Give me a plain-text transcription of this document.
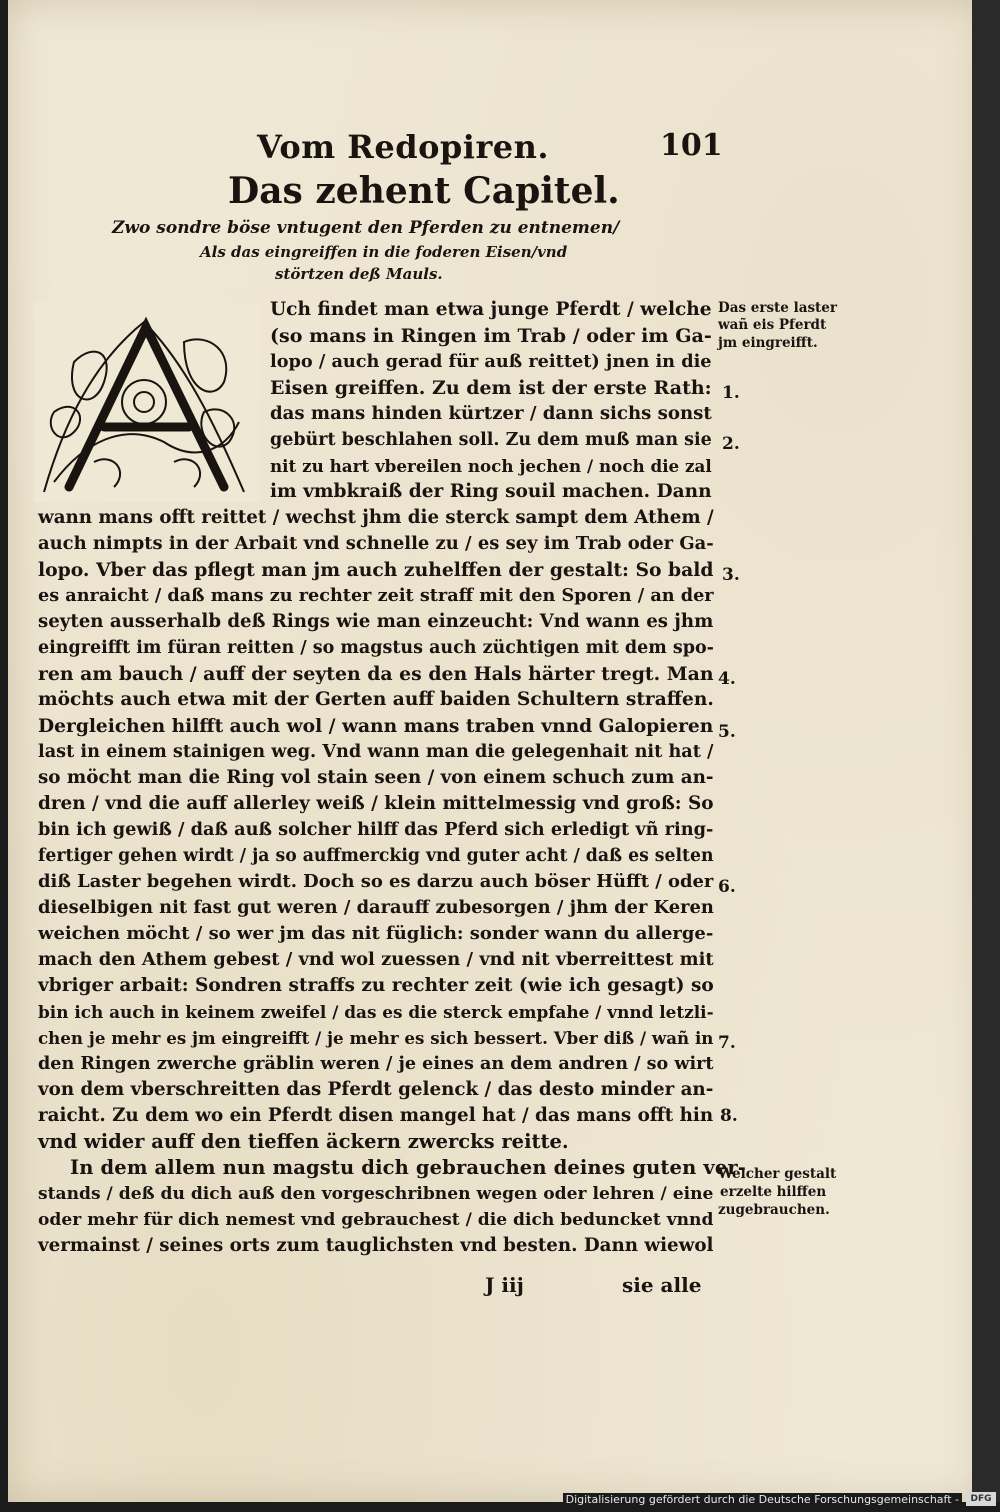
Vom Redopiren.	101
Das zehent Capitel.
Zwo sondre böse vntugent den Pferden zu entnemen/
Als das eingreiffen in die foderen Eisen/vnd
störtzen deß Mauls.
Uch findet man etwa junge Pferdt / welche
(so mans in Ringen im Trab / oder im Ga-
lopo / auch gerad für auß reittet) jnen in die
Eisen greiffen. Zu dem ist der erste Rath:
das mans hinden kürtzer / dann sichs sonst
gebürt beschlahen soll. Zu dem muß man sie
nit zu hart vbereilen noch jechen / noch die zal
im vmbkraiß der Ring souil machen. Dann
wann mans offt reittet / wechst jhm die sterck sampt dem Athem /
auch nimpts in der Arbait vnd schnelle zu / es sey im Trab oder Ga-
lopo. Vber das pflegt man jm auch zuhelffen der gestalt: So bald
es anraicht / daß mans zu rechter zeit straff mit den Sporen / an der
seyten ausserhalb deß Rings wie man einzeucht: Vnd wann es jhm
eingreifft im füran reitten / so magstus auch züchtigen mit dem spo-
ren am bauch / auff der seyten da es den Hals härter tregt. Man
möchts auch etwa mit der Gerten auff baiden Schultern straffen.
Dergleichen hilfft auch wol / wann mans traben vnnd Galopieren
last in einem stainigen weg. Vnd wann man die gelegenhait nit hat /
so möcht man die Ring vol stain seen / von einem schuch zum an-
dren / vnd die auff allerley weiß / klein mittelmessig vnd groß: So
bin ich gewiß / daß auß solcher hilff das Pferd sich erledigt vñ ring-
fertiger gehen wirdt / ja so auffmerckig vnd guter acht / daß es selten
diß Laster begehen wirdt. Doch so es darzu auch böser Hüfft / oder
dieselbigen nit fast gut weren / darauff zubesorgen / jhm der Keren
weichen möcht / so wer jm das nit füglich: sonder wann du allerge-
mach den Athem gebest / vnd wol zuessen / vnd nit vberreittest mit
vbriger arbait: Sondren straffs zu rechter zeit (wie ich gesagt) so
bin ich auch in keinem zweifel / das es die sterck empfahe / vnnd letzli-
chen je mehr es jm eingreifft / je mehr es sich bessert. Vber diß / wañ in
den Ringen zwerche gräblin weren / je eines an dem andren / so wirt
von dem vberschreitten das Pferdt gelenck / das desto minder an-
raicht. Zu dem wo ein Pferdt disen mangel hat / das mans offt hin
vnd wider auff den tieffen äckern zwercks reitte.
In dem allem nun magstu dich gebrauchen deines guten ver-
stands / deß du dich auß den vorgeschribnen wegen oder lehren / eine
oder mehr für dich nemest vnd gebrauchest / die dich beduncket vnnd
vermainst / seines orts zum tauglichsten vnd besten. Dann wiewol
Das erste laster
wañ eis Pferdt
jm eingreifft.
Welcher gestalt
erzelte hilffen
zugebrauchen.
1.
2.
3.
4.
5.
6.
7.
8.
J iij	sie alle
Digitalisierung gefördert durch die Deutsche Forschungsgemeinschaft -	DFG
